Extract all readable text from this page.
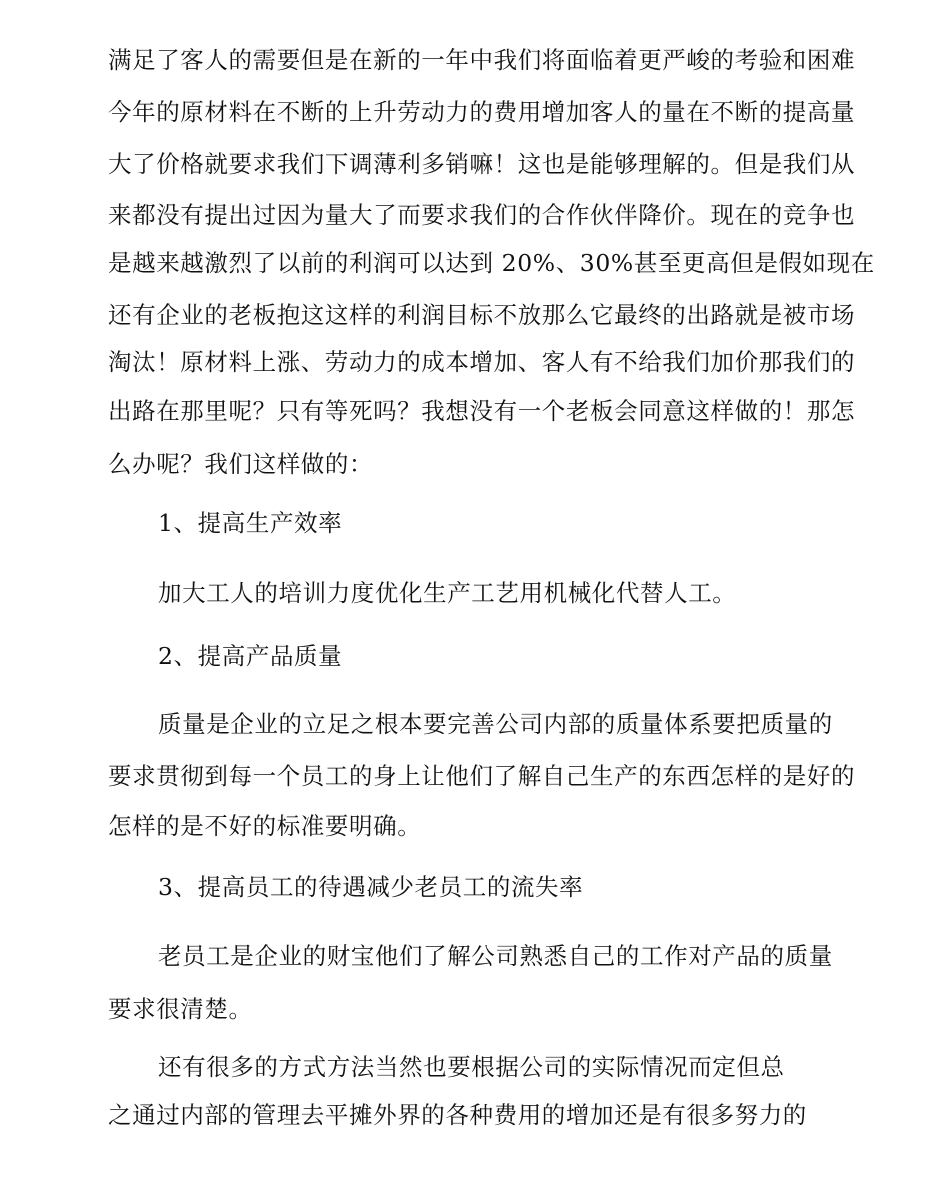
满足了客人的需要但是在新的一年中我们将面临着更严峻的考验和困难
今年的原材料在不断的上升劳动力的费用增加客人的量在不断的提高量
大了价格就要求我们下调薄利多销嘛！这也是能够理解的。但是我们从
来都没有提出过因为量大了而要求我们的合作伙伴降价。现在的竞争也
是越来越激烈了以前的利润可以达到 20%、30%甚至更高但是假如现在
还有企业的老板抱这这样的利润目标不放那么它最终的出路就是被市场
淘汰！原材料上涨、劳动力的成本增加、客人有不给我们加价那我们的
出路在那里呢？只有等死吗？我想没有一个老板会同意这样做的！那怎
么办呢？我们这样做的：
1、提高生产效率
加大工人的培训力度优化生产工艺用机械化代替人工。
2、提高产品质量
质量是企业的立足之根本要完善公司内部的质量体系要把质量的
要求贯彻到每一个员工的身上让他们了解自己生产的东西怎样的是好的
怎样的是不好的标准要明确。
3、提高员工的待遇减少老员工的流失率
老员工是企业的财宝他们了解公司熟悉自己的工作对产品的质量
要求很清楚。
还有很多的方式方法当然也要根据公司的实际情况而定但总
之通过内部的管理去平摊外界的各种费用的增加还是有很多努力的
